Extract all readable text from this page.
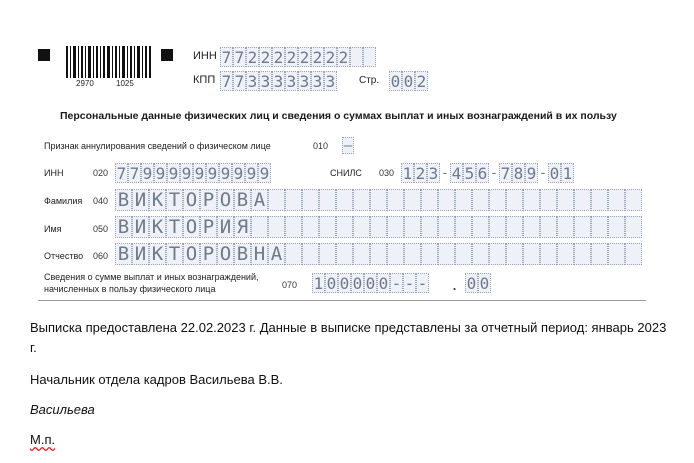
2970	1025
ИНН 7 7 2 2 2 2 2 2 2 2
КПП 7 7 3 3 3 3 3 3 3 Стр. 0 0 2
Персональные данные физических лиц и сведения о суммах выплат и иных вознаграждений в их пользу
Признак аннулирования сведений о физическом лице	010 –
ИНН	020 7 7 9 9 9 9 9 9 9 9 9 9	СНИЛС 030 1 2 3 - 4 5 6 - 7 8 9 - 0 1
Фамилия 040 В И К Т О Р О В А
Имя	050 В И К Т О Р И Я
Отчество 060 В И К Т О Р О В Н А
Сведения о сумме выплат и иных вознаграждений,
начисленных в пользу физического лица	070 1 0 0 0 0 0 - - - . 0 0
Выписка предоставлена 22.02.2023 г. Данные в выписке представлены за отчетный период: январь 2023 г.
Начальник отдела кадров Васильева В.В.
Васильева
М.п.
